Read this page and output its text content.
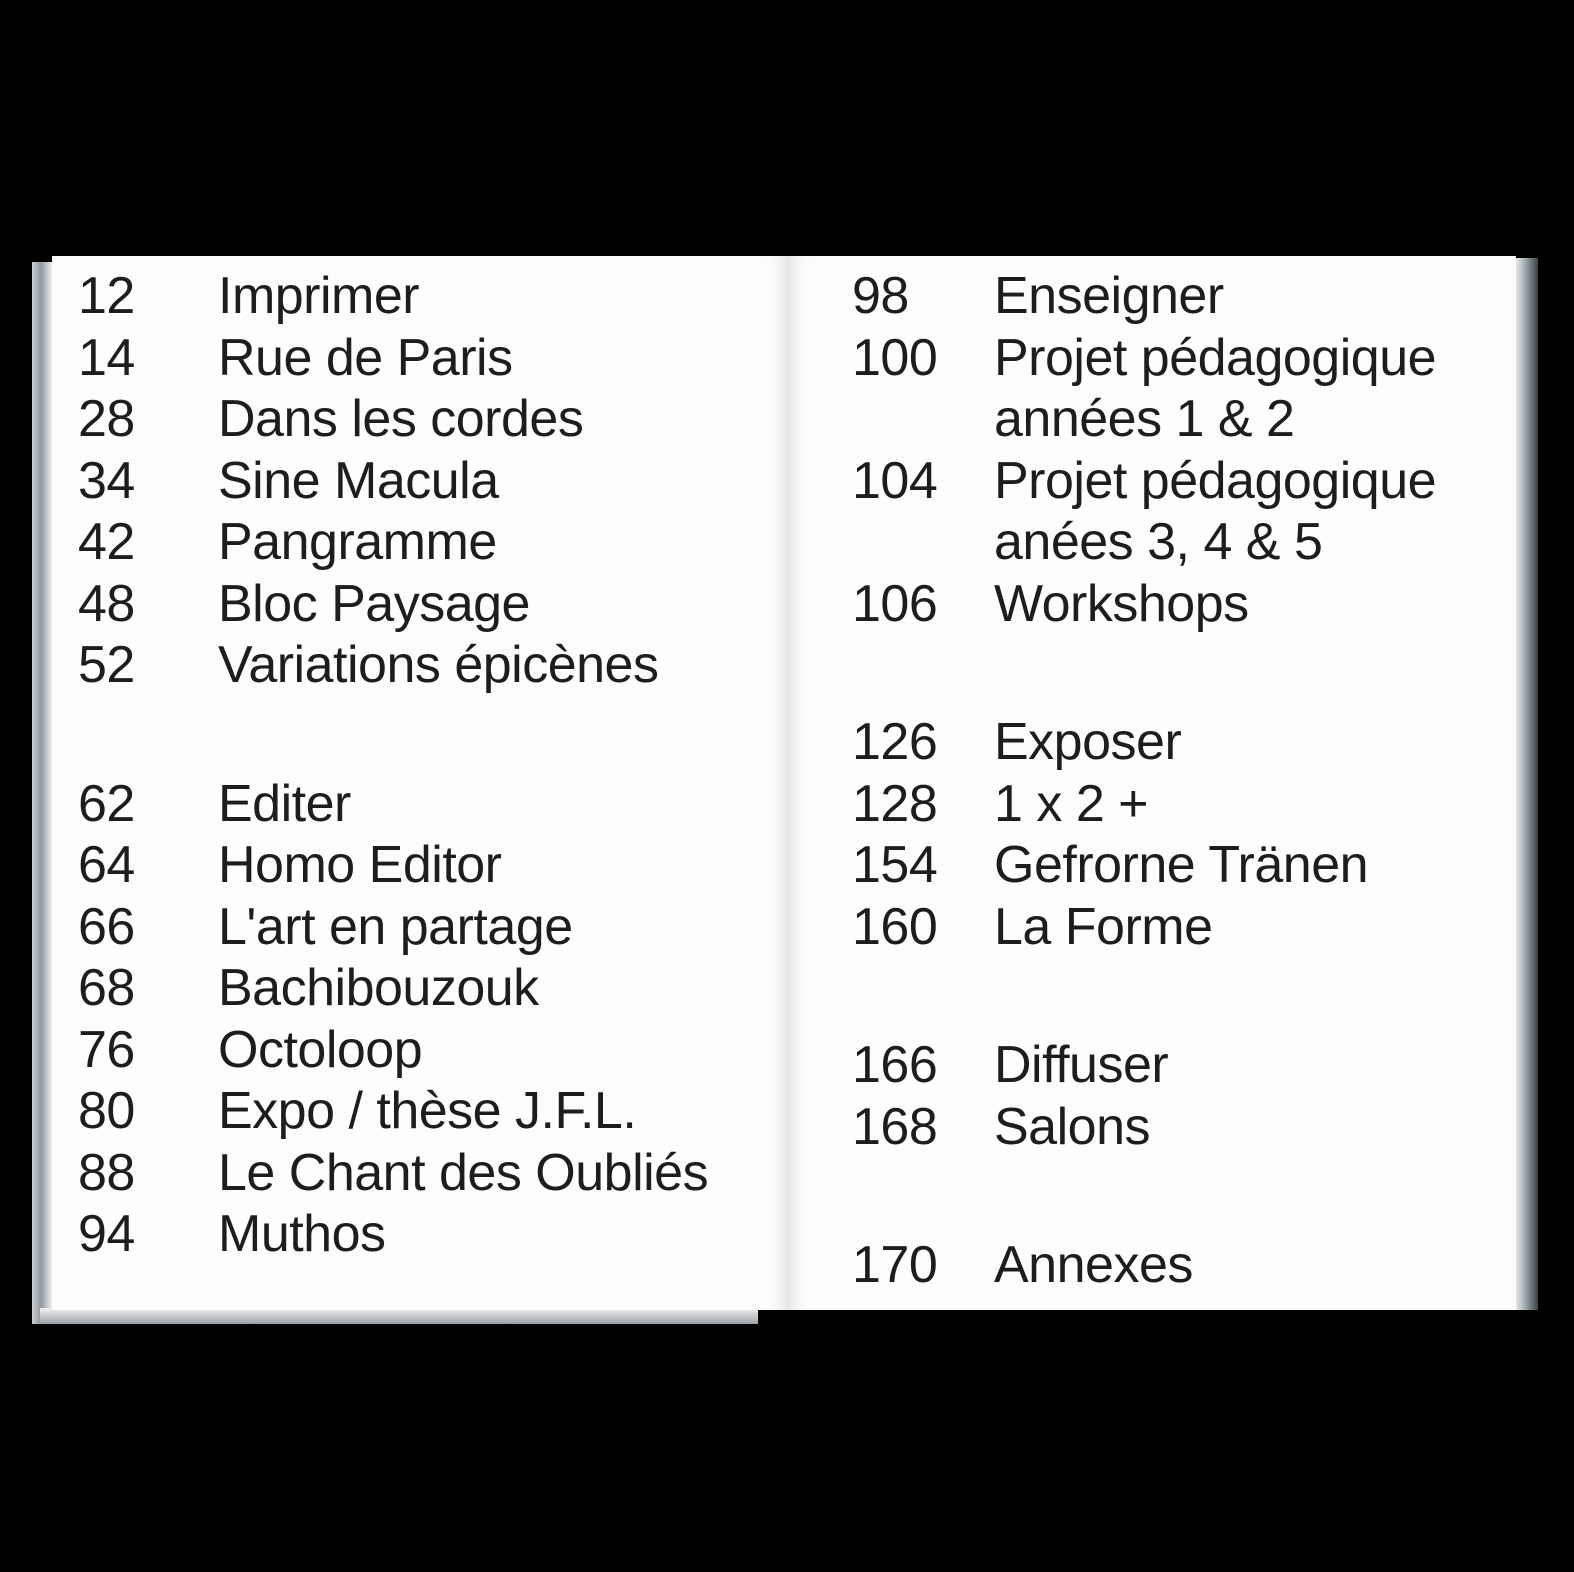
12	Imprimer
14	Rue de Paris
28	Dans les cordes
34	Sine Macula
42	Pangramme
48	Bloc Paysage
52	Variations épicènes
62	Editer
64	Homo Editor
66	L'art en partage
68	Bachibouzouk
76	Octoloop
80	Expo / thèse J.F.L.
88	Le Chant des Oubliés
94	Muthos
98	Enseigner
100	Projet pédagogique
années 1 & 2
104	Projet pédagogique
anées 3, 4 & 5
106	Workshops
126	Exposer
128	1 x 2 +
154	Gefrorne Tränen
160	La Forme
166	Diffuser
168	Salons
170	Annexes
